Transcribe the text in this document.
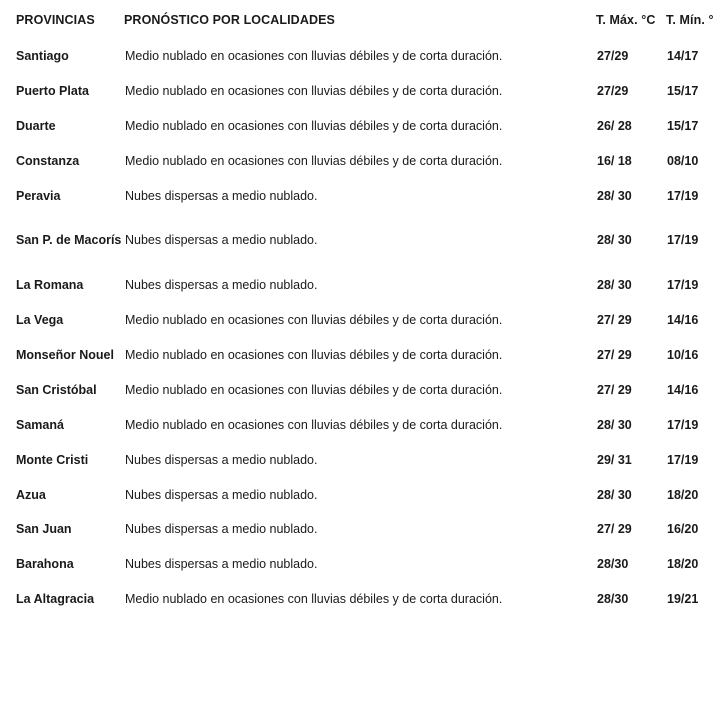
PROVINCIAS	PRONÓSTICO POR LOCALIDADES	T. Máx. °C	T. Mín. °
Santiago	Medio nublado en ocasiones con lluvias débiles y de corta duración.	27/29	14/17
Puerto Plata	Medio nublado en ocasiones con lluvias débiles y de corta duración.	27/29	15/17
Duarte	Medio nublado en ocasiones con lluvias débiles y de corta duración.	26/ 28	15/17
Constanza	Medio nublado en ocasiones con lluvias débiles y de corta duración.	16/ 18	08/10
Peravia	Nubes dispersas a medio nublado.	28/ 30	17/19
San P. de Macorís	Nubes dispersas a medio nublado.	28/ 30	17/19
La Romana	Nubes dispersas a medio nublado.	28/ 30	17/19
La Vega	Medio nublado en ocasiones con lluvias débiles y de corta duración.	27/ 29	14/16
Monseñor Nouel	Medio nublado en ocasiones con lluvias débiles y de corta duración.	27/ 29	10/16
San Cristóbal	Medio nublado en ocasiones con lluvias débiles y de corta duración.	27/ 29	14/16
Samaná	Medio nublado en ocasiones con lluvias débiles y de corta duración.	28/ 30	17/19
Monte Cristi	Nubes dispersas a medio nublado.	29/ 31	17/19
Azua	Nubes dispersas a medio nublado.	28/ 30	18/20
San Juan	Nubes dispersas a medio nublado.	27/ 29	16/20
Barahona	Nubes dispersas a medio nublado.	28/30	18/20
La Altagracia	Medio nublado en ocasiones con lluvias débiles y de corta duración.	28/30	19/21
